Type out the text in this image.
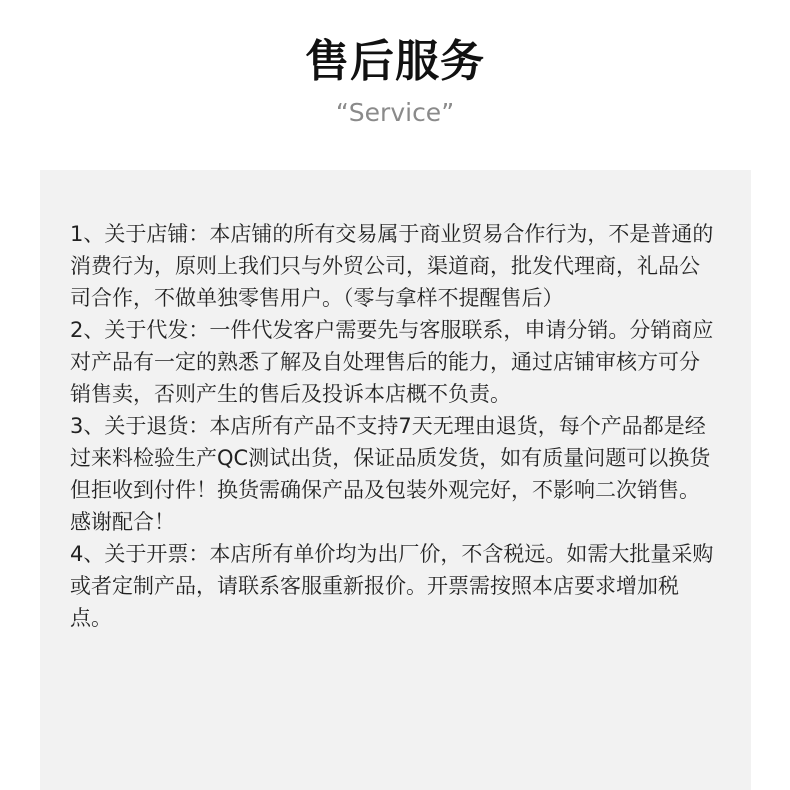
售后服务
“Service”

1、关于店铺：本店铺的所有交易属于商业贸易合作行为，不是普通的消费行为，原则上我们只与外贸公司，渠道商，批发代理商，礼品公司合作，不做单独零售用户。（零与拿样不提醒售后）

2、关于代发：一件代发客户需要先与客服联系，申请分销。分销商应对产品有一定的熟悉了解及自处理售后的能力，通过店铺审核方可分销售卖，否则产生的售后及投诉本店概不负责。

3、关于退货：本店所有产品不支持7天无理由退货，每个产品都是经过来料检验生产QC测试出货，保证品质发货，如有质量问题可以换货但拒收到付件！换货需确保产品及包装外观完好，不影响二次销售。感谢配合！

4、关于开票：本店所有单价均为出厂价，不含税远。如需大批量采购或者定制产品，请联系客服重新报价。开票需按照本店要求增加税点。
